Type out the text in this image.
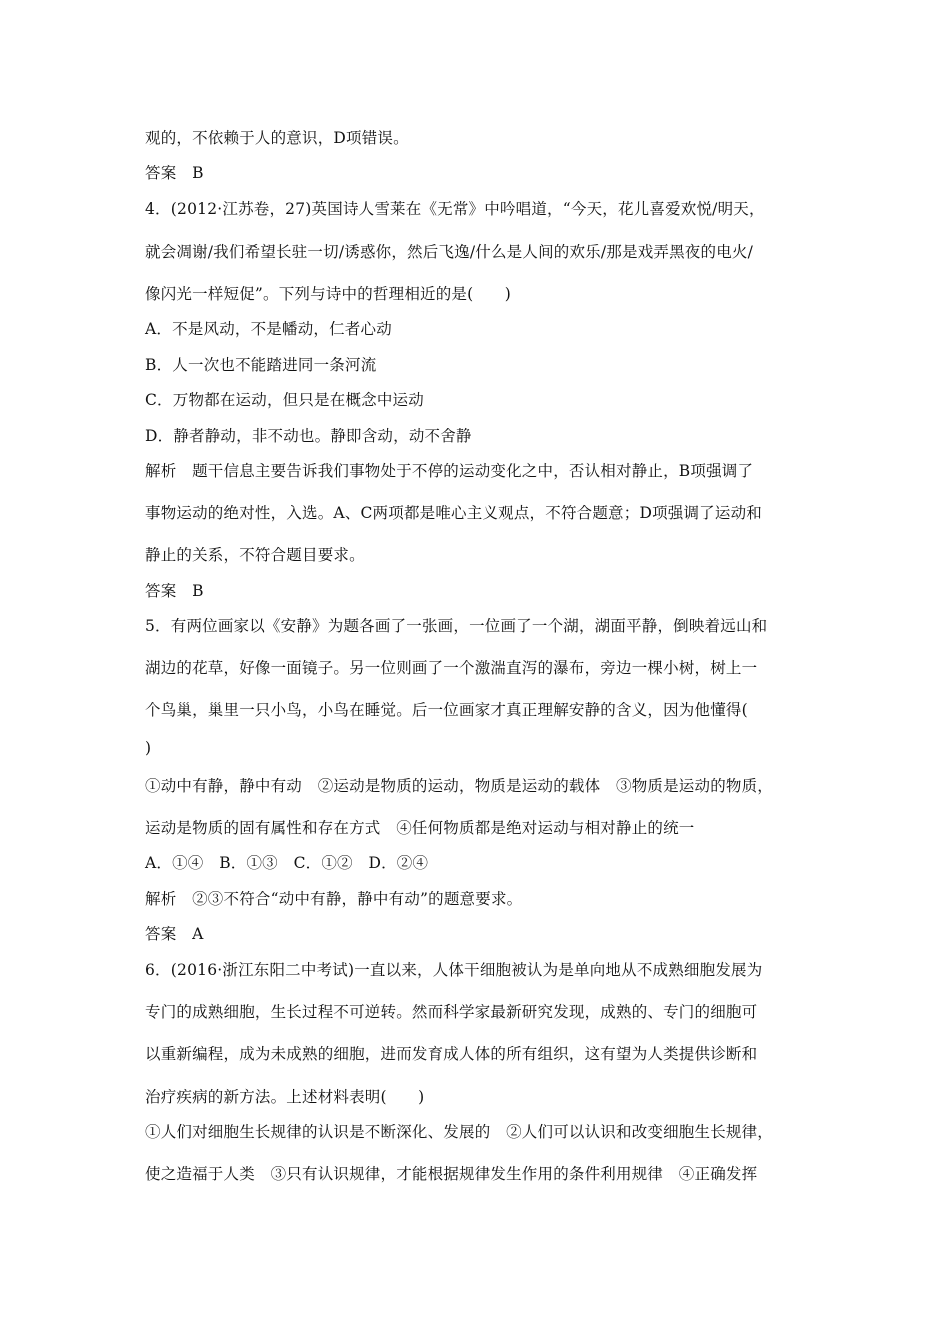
观的，不依赖于人的意识，D项错误。
答案　B
4．(2012·江苏卷，27)英国诗人雪莱在《无常》中吟唱道，“今天，花儿喜爱欢悦/明天，
就会凋谢/我们希望长驻一切/诱惑你，然后飞逸/什么是人间的欢乐/那是戏弄黑夜的电火/
像闪光一样短促”。下列与诗中的哲理相近的是(　　)
A．不是风动，不是幡动，仁者心动
B．人一次也不能踏进同一条河流
C．万物都在运动，但只是在概念中运动
D．静者静动，非不动也。静即含动，动不舍静
解析　题干信息主要告诉我们事物处于不停的运动变化之中，否认相对静止，B项强调了
事物运动的绝对性，入选。A、C两项都是唯心主义观点，不符合题意；D项强调了运动和
静止的关系，不符合题目要求。
答案　B
5．有两位画家以《安静》为题各画了一张画，一位画了一个湖，湖面平静，倒映着远山和
湖边的花草，好像一面镜子。另一位则画了一个激湍直泻的瀑布，旁边一棵小树，树上一
个鸟巢，巢里一只小鸟，小鸟在睡觉。后一位画家才真正理解安静的含义，因为他懂得(
)
①动中有静，静中有动　②运动是物质的运动，物质是运动的载体　③物质是运动的物质，
运动是物质的固有属性和存在方式　④任何物质都是绝对运动与相对静止的统一
A．①④　B．①③　C．①②　D．②④
解析　②③不符合“动中有静，静中有动”的题意要求。
答案　A
6．(2016·浙江东阳二中考试)一直以来，人体干细胞被认为是单向地从不成熟细胞发展为
专门的成熟细胞，生长过程不可逆转。然而科学家最新研究发现，成熟的、专门的细胞可
以重新编程，成为未成熟的细胞，进而发育成人体的所有组织，这有望为人类提供诊断和
治疗疾病的新方法。上述材料表明(　　)
①人们对细胞生长规律的认识是不断深化、发展的　②人们可以认识和改变细胞生长规律，
使之造福于人类　③只有认识规律，才能根据规律发生作用的条件利用规律　④正确发挥
